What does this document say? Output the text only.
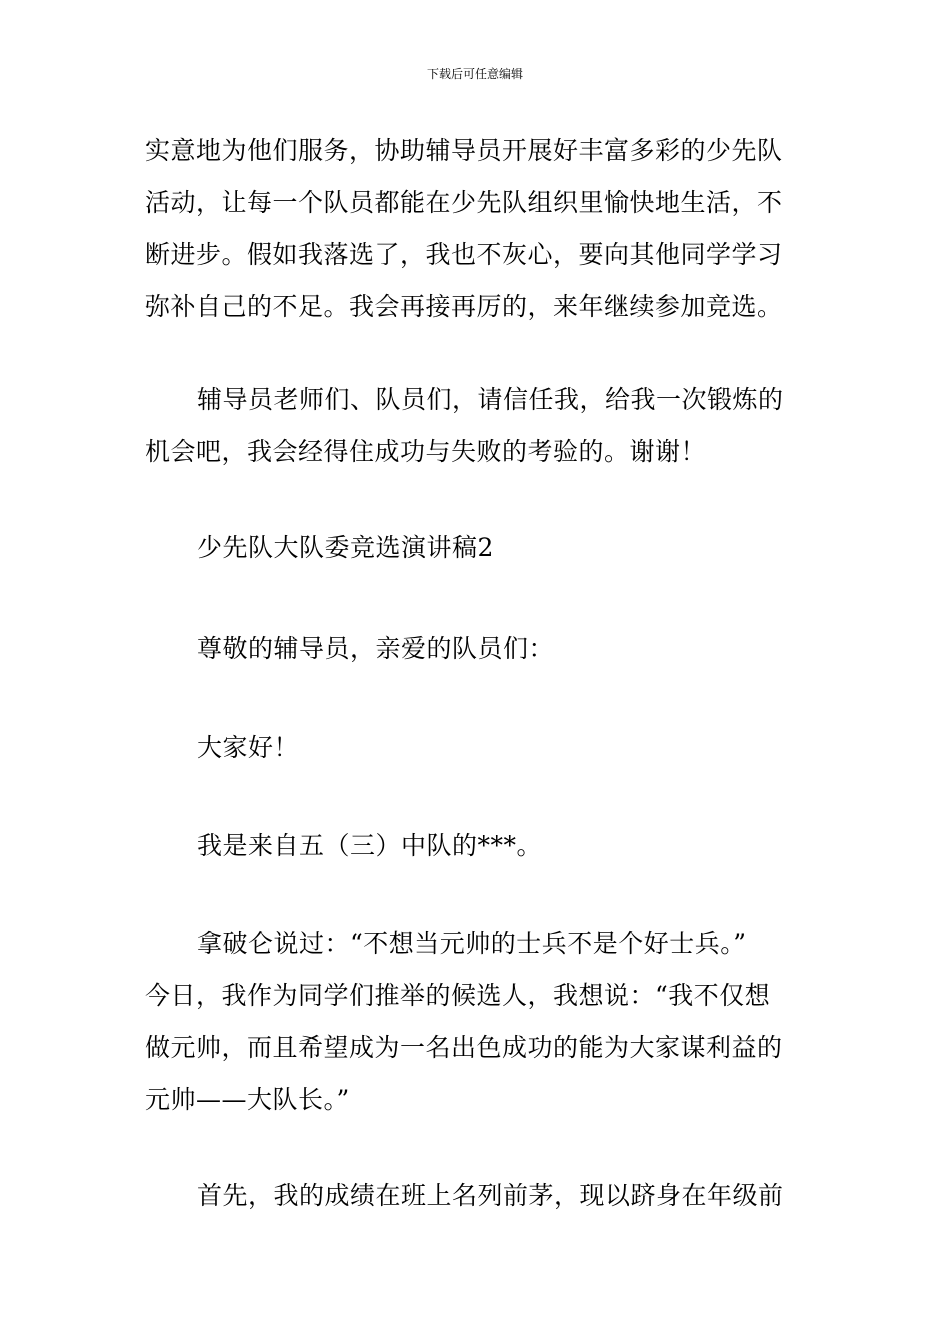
下载后可任意编辑
实意地为他们服务，协助辅导员开展好丰富多彩的少先队
活动，让每一个队员都能在少先队组织里愉快地生活，不
断进步。假如我落选了，我也不灰心，要向其他同学学习
弥补自己的不足。我会再接再厉的，来年继续参加竞选。
辅导员老师们、队员们，请信任我，给我一次锻炼的
机会吧，我会经得住成功与失败的考验的。谢谢！
少先队大队委竞选演讲稿2
尊敬的辅导员，亲爱的队员们：
大家好！
我是来自五（三）中队的***。
拿破仑说过：“不想当元帅的士兵不是个好士兵。”
今日，我作为同学们推举的候选人，我想说：“我不仅想
做元帅，而且希望成为一名出色成功的能为大家谋利益的
元帅——大队长。”
首先，我的成绩在班上名列前茅，现以跻身在年级前
